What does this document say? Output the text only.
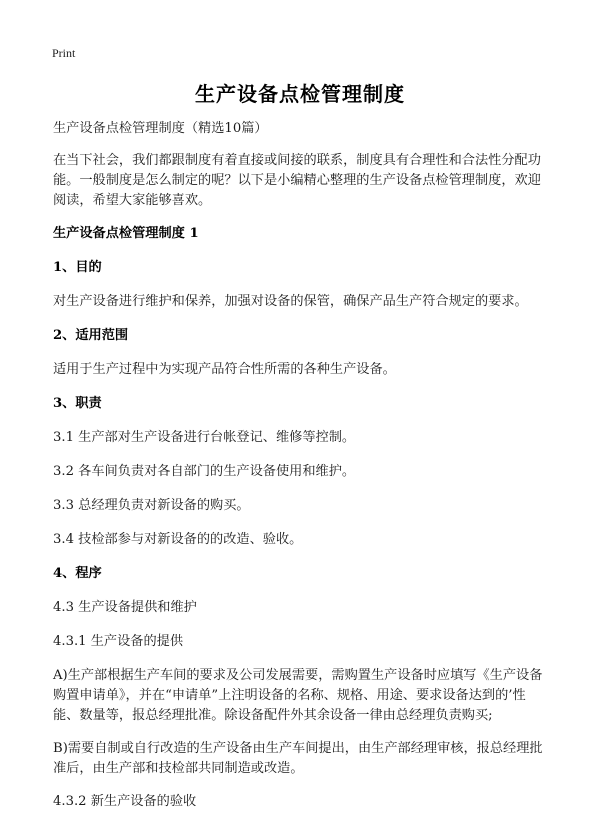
Print
生产设备点检管理制度

生产设备点检管理制度（精选10篇）

在当下社会，我们都跟制度有着直接或间接的联系，制度具有合理性和合法性分配功能。一般制度是怎么制定的呢？以下是小编精心整理的生产设备点检管理制度，欢迎阅读，希望大家能够喜欢。

生产设备点检管理制度 1

1、目的

对生产设备进行维护和保养，加强对设备的保管，确保产品生产符合规定的要求。

2、适用范围

适用于生产过程中为实现产品符合性所需的各种生产设备。

3、职责

3.1 生产部对生产设备进行台帐登记、维修等控制。

3.2 各车间负责对各自部门的生产设备使用和维护。

3.3 总经理负责对新设备的购买。

3.4 技检部参与对新设备的的改造、验收。

4、程序

4.3 生产设备提供和维护

4.3.1 生产设备的提供

A)生产部根据生产车间的要求及公司发展需要，需购置生产设备时应填写《生产设备购置申请单》，并在“申请单”上注明设备的名称、规格、用途、要求设备达到的’性能、数量等，报总经理批准。除设备配件外其余设备一律由总经理负责购买;

B)需要自制或自行改造的生产设备由生产车间提出，由生产部经理审核，报总经理批准后，由生产部和技检部共同制造或改造。

4.3.2 新生产设备的验收
